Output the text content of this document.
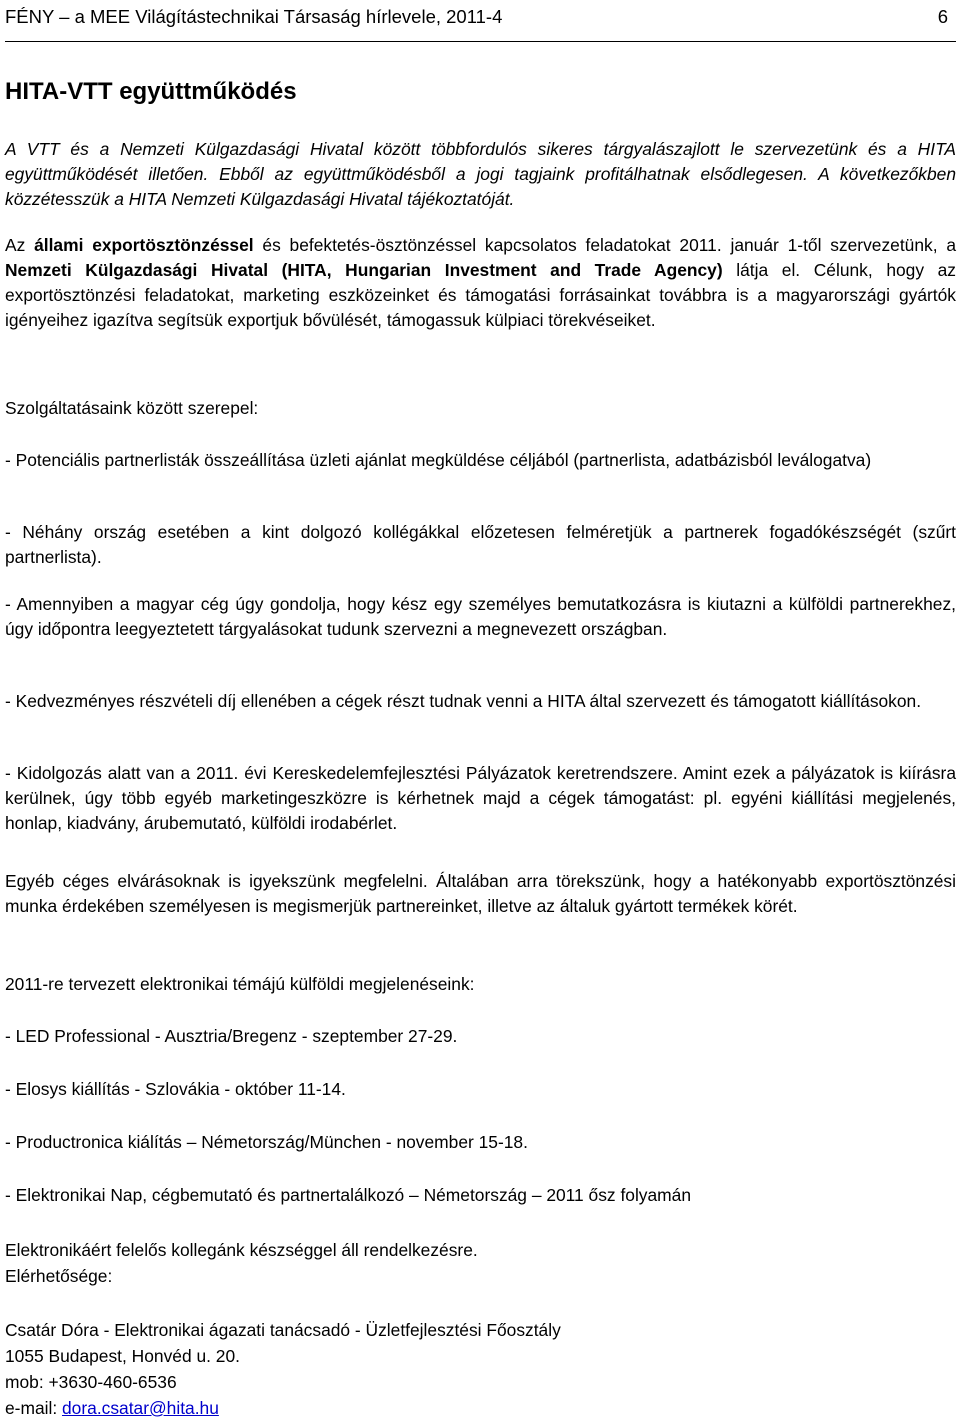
FÉNY – a MEE Világítástechnikai Társaság hírlevele, 2011-4	6
HITA-VTT együttműködés

A VTT és a Nemzeti Külgazdasági Hivatal között többfordulós sikeres tárgyalászajlott le szervezetünk és a HITA együttműködését illetően. Ebből az együttműködésből a jogi tagjaink profitálhatnak elsődlegesen. A következőkben közzétesszük a HITA Nemzeti Külgazdasági Hivatal tájékoztatóját.

Az állami exportösztönzéssel és befektetés-ösztönzéssel kapcsolatos feladatokat 2011. január 1-től szervezetünk, a Nemzeti Külgazdasági Hivatal (HITA, Hungarian Investment and Trade Agency) látja el. Célunk, hogy az exportösztönzési feladatokat, marketing eszközeinket és támogatási forrásainkat továbbra is a magyarországi gyártók igényeihez igazítva segítsük exportjuk bővülését, támogassuk külpiaci törekvéseiket.

Szolgáltatásaink között szerepel:
- Potenciális partnerlisták összeállítása üzleti ajánlat megküldése céljából (partnerlista, adatbázisból leválogatva)
- Néhány ország esetében a kint dolgozó kollégákkal előzetesen felméretjük a partnerek fogadókészségét (szűrt partnerlista).
- Amennyiben a magyar cég úgy gondolja, hogy kész egy személyes bemutatkozásra is kiutazni a külföldi partnerekhez, úgy időpontra leegyeztetett tárgyalásokat tudunk szervezni a megnevezett országban.
- Kedvezményes részvételi díj ellenében a cégek részt tudnak venni a HITA által szervezett és támogatott kiállításokon.
- Kidolgozás alatt van a 2011. évi Kereskedelemfejlesztési Pályázatok keretrendszere. Amint ezek a pályázatok is kiírásra kerülnek, úgy több egyéb marketingeszközre is kérhetnek majd a cégek támogatást: pl. egyéni kiállítási megjelenés, honlap, kiadvány, árubemutató, külföldi irodabérlet.
Egyéb céges elvárásoknak is igyekszünk megfelelni. Általában arra törekszünk, hogy a hatékonyabb exportösztönzési munka érdekében személyesen is megismerjük partnereinket, illetve az általuk gyártott termékek körét.
2011-re tervezett elektronikai témájú külföldi megjelenéseink:
- LED Professional - Ausztria/Bregenz - szeptember 27-29.
- Elosys kiállítás - Szlovákia - október 11-14.
- Productronica kiálítás – Németország/München - november 15-18.
- Elektronikai Nap, cégbemutató és partnertalálkozó – Németország – 2011 ősz folyamán
Elektronikáért felelős kollegánk készséggel áll rendelkezésre.
Elérhetősége:
Csatár Dóra - Elektronikai ágazati tanácsadó - Üzletfejlesztési Főosztály
1055 Budapest, Honvéd u. 20.
mob: +3630-460-6536
e-mail: dora.csatar@hita.hu
